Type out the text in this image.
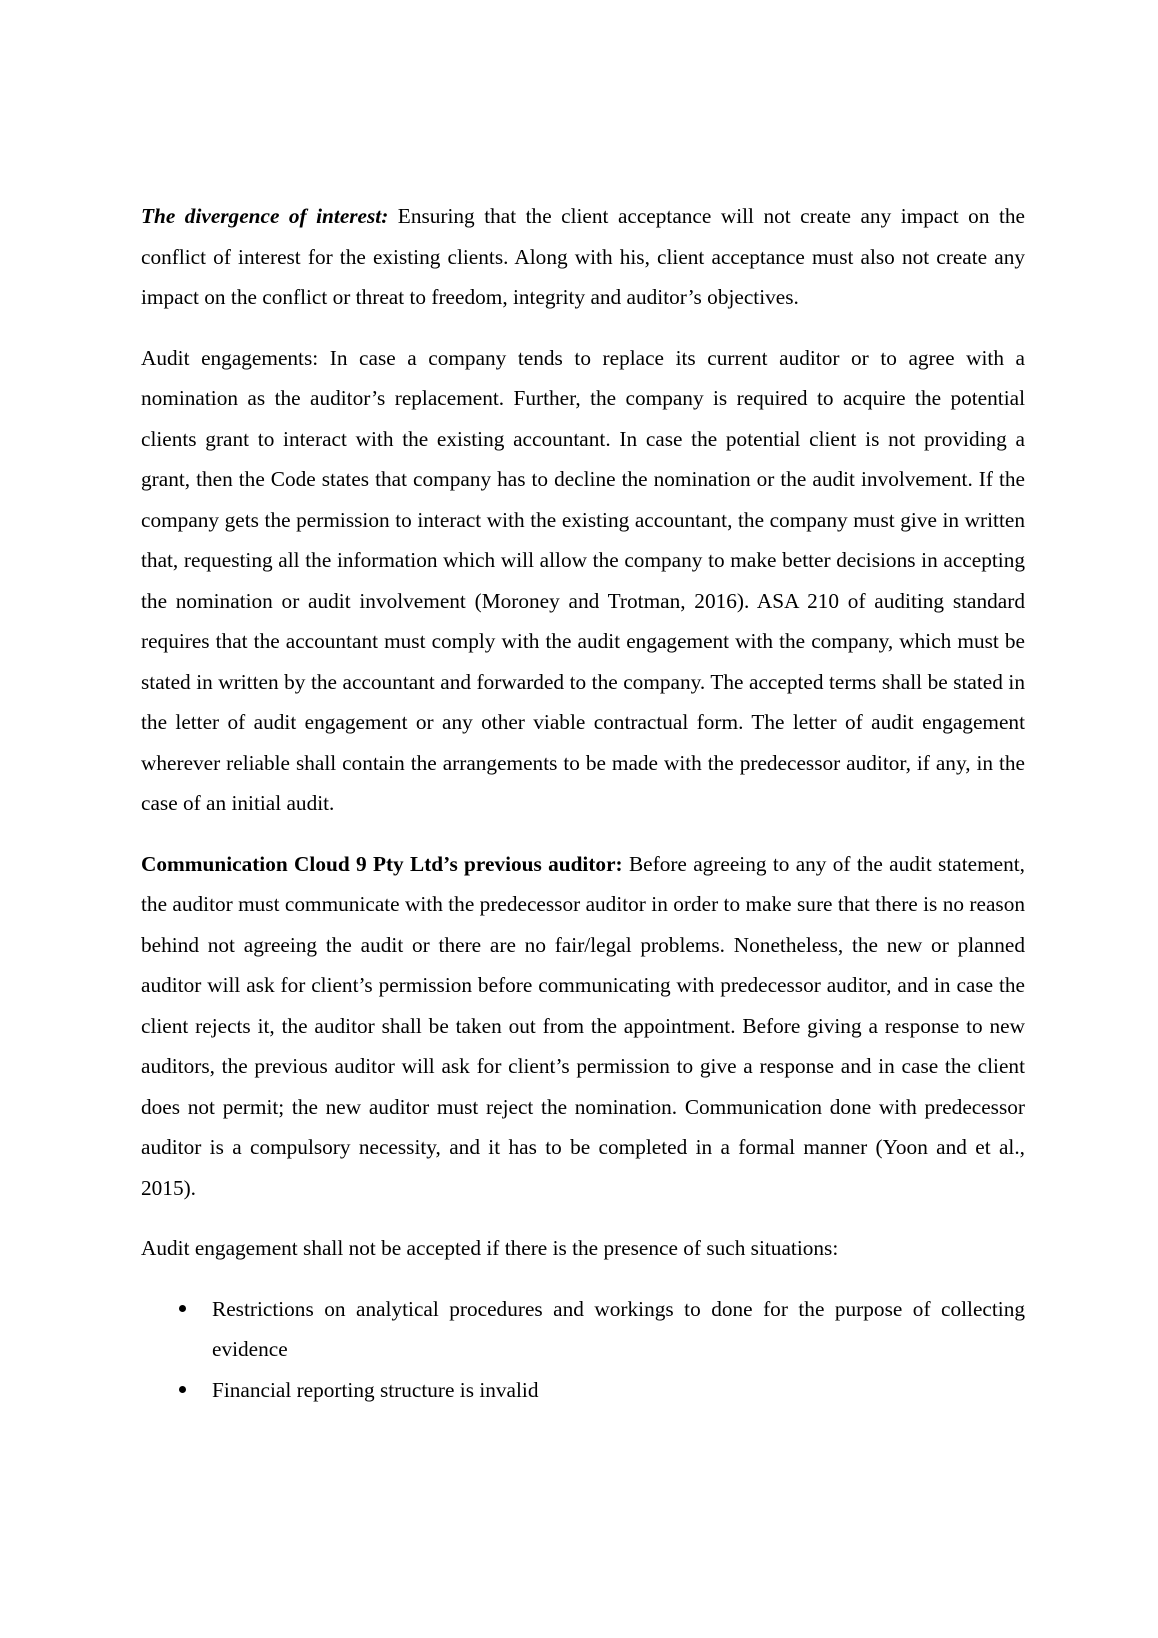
The divergence of interest: Ensuring that the client acceptance will not create any impact on the conflict of interest for the existing clients. Along with his, client acceptance must also not create any impact on the conflict or threat to freedom, integrity and auditor’s objectives.

Audit engagements: In case a company tends to replace its current auditor or to agree with a nomination as the auditor’s replacement. Further, the company is required to acquire the potential clients grant to interact with the existing accountant. In case the potential client is not providing a grant, then the Code states that company has to decline the nomination or the audit involvement. If the company gets the permission to interact with the existing accountant, the company must give in written that, requesting all the information which will allow the company to make better decisions in accepting the nomination or audit involvement (Moroney and Trotman, 2016). ASA 210 of auditing standard requires that the accountant must comply with the audit engagement with the company, which must be stated in written by the accountant and forwarded to the company. The accepted terms shall be stated in the letter of audit engagement or any other viable contractual form. The letter of audit engagement wherever reliable shall contain the arrangements to be made with the predecessor auditor, if any, in the case of an initial audit.

Communication Cloud 9 Pty Ltd’s previous auditor: Before agreeing to any of the audit statement, the auditor must communicate with the predecessor auditor in order to make sure that there is no reason behind not agreeing the audit or there are no fair/legal problems. Nonetheless, the new or planned auditor will ask for client’s permission before communicating with predecessor auditor, and in case the client rejects it, the auditor shall be taken out from the appointment. Before giving a response to new auditors, the previous auditor will ask for client’s permission to give a response and in case the client does not permit; the new auditor must reject the nomination. Communication done with predecessor auditor is a compulsory necessity, and it has to be completed in a formal manner (Yoon and et al., 2015).

Audit engagement shall not be accepted if there is the presence of such situations:

Restrictions on analytical procedures and workings to done for the purpose of collecting evidence
Financial reporting structure is invalid
